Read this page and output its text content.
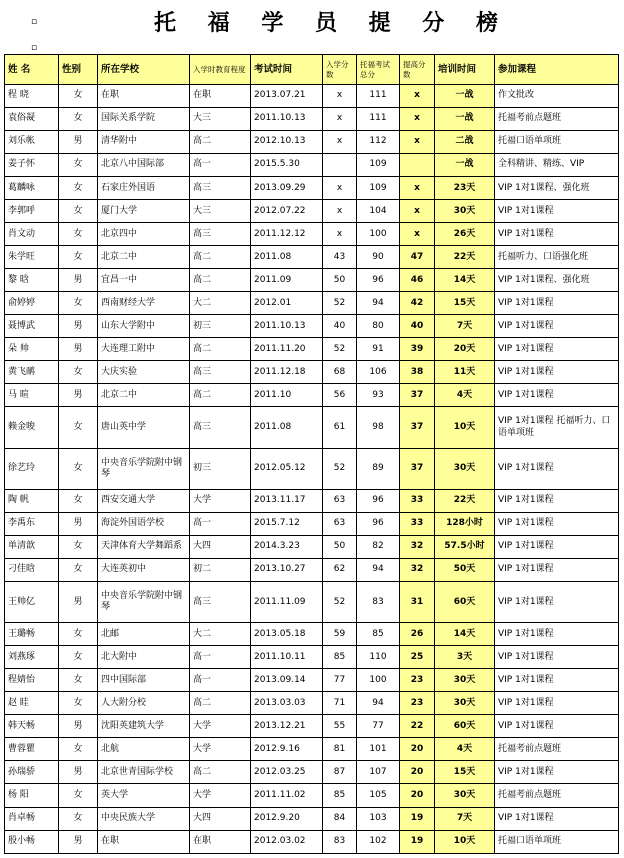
▫
▫
托 福 学 员 提 分 榜
姓 名	性别	所在学校	入学时教育程度	考试时间	入学分数	托福考试总分	提高分数	培训时间	参加课程
程 晓	女	在职	在职	2013.07.21	x	111	x	一战	作文批改
袁俗凝	女	国际关系学院	大三	2011.10.13	x	111	x	一战	托福考前点题班
刘乐帐	男	清华附中	高二	2012.10.13	x	112	x	二战	托福口语单项班
姜子怀	女	北京八中国际部	高一	2015.5.30		109		一战	全科精讲、精练、VIP
葛麟咏	女	石家庄外国语	高三	2013.09.29	x	109	x	23天	VIP 1对1课程、强化班
李郭呼	女	厦门大学	大三	2012.07.22	x	104	x	30天	VIP 1对1课程
肖文动	女	北京四中	高三	2011.12.12	x	100	x	26天	VIP 1对1课程
朱学旺	女	北京二中	高二	2011.08	43	90	47	22天	托福听力、口语强化班
黎 晗	男	宜昌一中	高二	2011.09	50	96	46	14天	VIP 1对1课程、强化班
俞婷婷	女	西南财经大学	大二	2012.01	52	94	42	15天	VIP 1对1课程
聂博武	男	山东大学附中	初三	2011.10.13	40	80	40	7天	VIP 1对1课程
朵 帅	男	大连理工附中	高二	2011.11.20	52	91	39	20天	VIP 1对1课程
黄飞鸸	女	大庆实验	高三	2011.12.18	68	106	38	11天	VIP 1对1课程
马 暄	男	北京二中	高二	2011.10	56	93	37	4天	VIP 1对1课程
赖金唆	女	唐山英中学	高三	2011.08	61	98	37	10天	VIP 1对1课程 托福听力、口语单项班
徐艺玲	女	中央音乐学院附中钢琴	初三	2012.05.12	52	89	37	30天	VIP 1对1课程
陶 帆	女	西安交通大学	大学	2013.11.17	63	96	33	22天	VIP 1对1课程
李禹东	男	海淀外国语学校	高一	2015.7.12	63	96	33	128小时	VIP 1对1课程
单清歆	女	天津体育大学舞蹈系	大四	2014.3.23	50	82	32	57.5小时	VIP 1对1课程
刁佳晗	女	大连英初中	初二	2013.10.27	62	94	32	50天	VIP 1对1课程
王帅亿	男	中央音乐学院附中钢琴	高三	2011.11.09	52	83	31	60天	VIP 1对1课程
王璐畅	女	北邮	大二	2013.05.18	59	85	26	14天	VIP 1对1课程
刘燕琢	女	北大附中	高一	2011.10.11	85	110	25	3天	VIP 1对1课程
程婧怡	女	四中国际部	高一	2013.09.14	77	100	23	30天	VIP 1对1课程
赵 眭	女	人大附分校	高二	2013.03.03	71	94	23	30天	VIP 1对1课程
韩天畅	男	沈阳英建筑大学	大学	2013.12.21	55	77	22	60天	VIP 1对1课程
曹蓉瞿	女	北航	大学	2012.9.16	81	101	20	4天	托福考前点题班
孙瑞骄	男	北京世青国际学校	高二	2012.03.25	87	107	20	15天	VIP 1对1课程
杨 阳	女	英大学	大学	2011.11.02	85	105	20	30天	托福考前点题班
肖卓畅	女	中央民族大学	大四	2012.9.20	84	103	19	7天	VIP 1对1课程
殷小畅	男	在职	在职	2012.03.02	83	102	19	10天	托福口语单项班
